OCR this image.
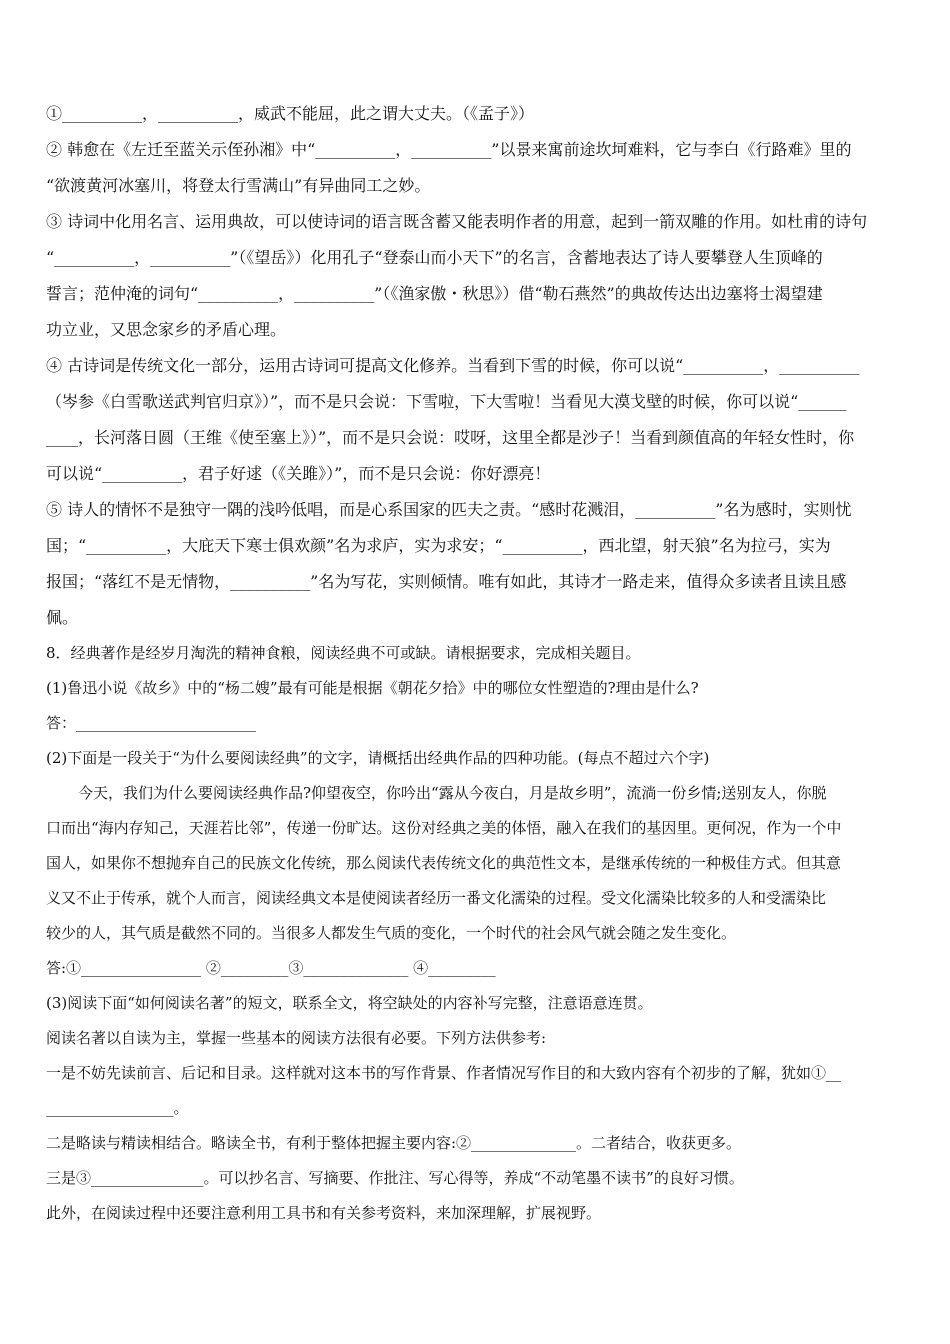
①__________，__________，威武不能屈，此之谓大丈夫。（《孟子》）
② 韩愈在《左迁至蓝关示侄孙湘》中“__________，__________”以景来寓前途坎坷难料，它与李白《行路难》里的
“欲渡黄河冰塞川，将登太行雪满山”有异曲同工之妙。
③ 诗词中化用名言、运用典故，可以使诗词的语言既含蓄又能表明作者的用意，起到一箭双雕的作用。如杜甫的诗句
“__________，__________”（《望岳》）化用孔子“登泰山而小天下”的名言，含蓄地表达了诗人要攀登人生顶峰的
誓言；范仲淹的词句“__________，__________”（《渔家傲・秋思》）借“勒石燕然”的典故传达出边塞将士渴望建
功立业，又思念家乡的矛盾心理。
④ 古诗词是传统文化一部分，运用古诗词可提高文化修养。当看到下雪的时候，你可以说“__________，__________
（岑参《白雪歌送武判官归京》）”，而不是只会说：下雪啦，下大雪啦！当看见大漠戈壁的时候，你可以说“______
____，长河落日圆（王维《使至塞上》）”，而不是只会说：哎呀，这里全都是沙子！当看到颜值高的年轻女性时，你
可以说“__________，君子好逑（《关雎》）”，而不是只会说：你好漂亮！
⑤ 诗人的情怀不是独守一隅的浅吟低唱，而是心系国家的匹夫之责。“感时花溅泪，__________”名为感时，实则忧
国；“__________，大庇天下寒士俱欢颜”名为求庐，实为求安；“__________，西北望，射天狼”名为拉弓，实为
报国；“落红不是无情物，__________”名为写花，实则倾情。唯有如此，其诗才一路走来，值得众多读者且读且感
佩。
8．经典著作是经岁月淘洗的精神食粮，阅读经典不可或缺。请根据要求，完成相关题目。
(1)鲁迅小说《故乡》中的“杨二嫂”最有可能是根据《朝花夕拾》中的哪位女性塑造的?理由是什么?
答：________________________
(2)下面是一段关于“为什么要阅读经典”的文字，请概括出经典作品的四种功能。(每点不超过六个字)
今天，我们为什么要阅读经典作品?仰望夜空，你吟出“露从今夜白，月是故乡明”，流淌一份乡情;送别友人，你脱
口而出“海内存知己，天涯若比邻”，传递一份旷达。这份对经典之美的体悟，融入在我们的基因里。更何况，作为一个中
国人，如果你不想抛弃自己的民族文化传统，那么阅读代表传统文化的典范性文本，是继承传统的一种极佳方式。但其意
义又不止于传承，就个人而言，阅读经典文本是使阅读者经历一番文化濡染的过程。受文化濡染比较多的人和受濡染比
较少的人，其气质是截然不同的。当很多人都发生气质的变化，一个时代的社会风气就会随之发生变化。
答:①________________ ②_________③______________ ④_________
(3)阅读下面“如何阅读名著”的短文，联系全文，将空缺处的内容补写完整，注意语意连贯。
阅读名著以自读为主，掌握一些基本的阅读方法很有必要。下列方法供参考:
一是不妨先读前言、后记和目录。这样就对这本书的写作背景、作者情况写作目的和大致内容有个初步的了解，犹如①__
_________________。
二是略读与精读相结合。略读全书，有利于整体把握主要内容:②______________。二者结合，收获更多。
三是③_______________。可以抄名言、写摘要、作批注、写心得等，养成“不动笔墨不读书”的良好习惯。
此外，在阅读过程中还要注意利用工具书和有关参考资料，来加深理解，扩展视野。
